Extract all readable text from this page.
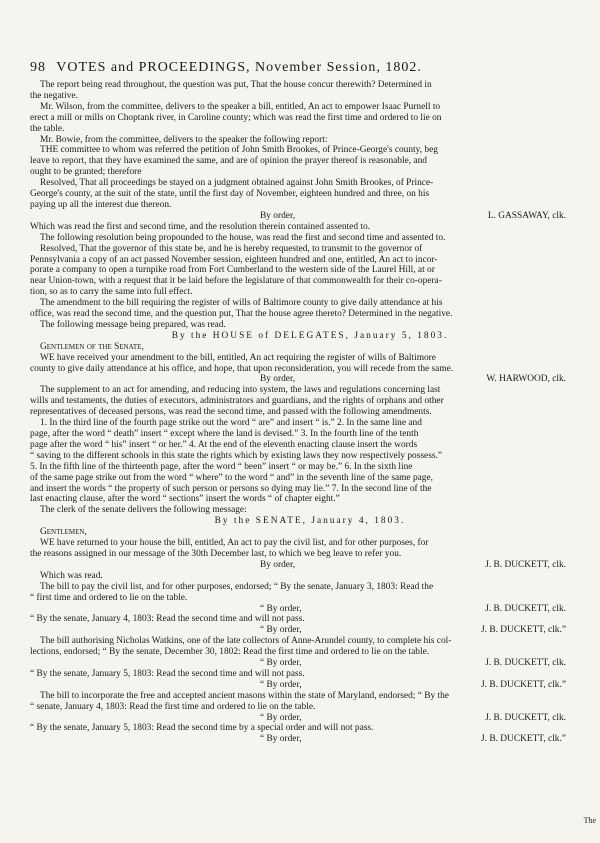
98 VOTES and PROCEEDINGS, November Session, 1802.
The report being read throughout, the question was put, That the house concur therewith? Determined in
the negative.
Mr. Wilson, from the committee, delivers to the speaker a bill, entitled, An act to empower Isaac Purnell to
erect a mill or mills on Choptank river, in Caroline county; which was read the first time and ordered to lie on
the table.
Mr. Bowie, from the committee, delivers to the speaker the following report:
THE committee to whom was referred the petition of John Smith Brookes, of Prince-George's county, beg
leave to report, that they have examined the same, and are of opinion the prayer thereof is reasonable, and
ought to be granted; therefore
Resolved, That all proceedings be stayed on a judgment obtained against John Smith Brookes, of Prince-
George's county, at the suit of the state, until the first day of November, eighteen hundred and three, on his
paying up all the interest due thereon.
By order,	L. GASSAWAY, clk.
Which was read the first and second time, and the resolution therein contained assented to.
The following resolution being propounded to the house, was read the first and second time and assented to.
Resolved, That the governor of this state be, and he is hereby requested, to transmit to the governor of
Pennsylvania a copy of an act passed November session, eighteen hundred and one, entitled, An act to incor-
porate a company to open a turnpike road from Fort Cumberland to the western side of the Laurel Hill, at or
near Union-town, with a request that it be laid before the legislature of that commonwealth for their co-opera-
tion, so as to carry the same into full effect.
The amendment to the bill requiring the register of wills of Baltimore county to give daily attendance at his
office, was read the second time, and the question put, That the house agree thereto? Determined in the negative.
The following message being prepared, was read.
By the HOUSE of DELEGATES, January 5, 1803.
Gentlemen of the Senate,
WE have received your amendment to the bill, entitled, An act requiring the register of wills of Baltimore
county to give daily attendance at his office, and hope, that upon reconsideration, you will recede from the same.
By order,	W. HARWOOD, clk.
The supplement to an act for amending, and reducing into system, the laws and regulations concerning last
wills and testaments, the duties of executors, administrators and guardians, and the rights of orphans and other
representatives of deceased persons, was read the second time, and passed with the following amendments.
1. In the third line of the fourth page strike out the word “ are” and insert “ is.” 2. In the same line and
page, after the word “ death” insert “ except where the land is devised.” 3. In the fourth line of the tenth
page after the word “ his” insert “ or her.” 4. At the end of the eleventh enacting clause insert the words
“ saving to the different schools in this state the rights which by existing laws they now respectively possess.”
5. In the fifth line of the thirteenth page, after the word “ been” insert “ or may be.” 6. In the sixth line
of the same page strike out from the word “ where” to the word “ and” in the seventh line of the same page,
and insert the words “ the property of such person or persons so dying may lie.” 7. In the second line of the
last enacting clause, after the word “ sections” insert the words “ of chapter eight.”
The clerk of the senate delivers the following message:
By the SENATE, January 4, 1803.
Gentlemen,
WE have returned to your house the bill, entitled, An act to pay the civil list, and for other purposes, for
the reasons assigned in our message of the 30th December last, to which we beg leave to refer you.
By order,	J. B. DUCKETT, clk.
Which was read.
The bill to pay the civil list, and for other purposes, endorsed; “ By the senate, January 3, 1803: Read the
“ first time and ordered to lie on the table.
“ By order,	J. B. DUCKETT, clk.
“ By the senate, January 4, 1803: Read the second time and will not pass.
“ By order,	J. B. DUCKETT, clk.”
The bill authorising Nicholas Watkins, one of the late collectors of Anne-Arundel county, to complete his col-
lections, endorsed; “ By the senate, December 30, 1802: Read the first time and ordered to lie on the table.
“ By order,	J. B. DUCKETT, clk.
“ By the senate, January 5, 1803: Read the second time and will not pass.
“ By order,	J. B. DUCKETT, clk.”
The bill to incorporate the free and accepted ancient masons within the state of Maryland, endorsed; “ By the
“ senate, January 4, 1803: Read the first time and ordered to lie on the table.
“ By order,	J. B. DUCKETT, clk.
“ By the senate, January 5, 1803: Read the second time by a special order and will not pass.
“ By order,	J. B. DUCKETT, clk.”
The
